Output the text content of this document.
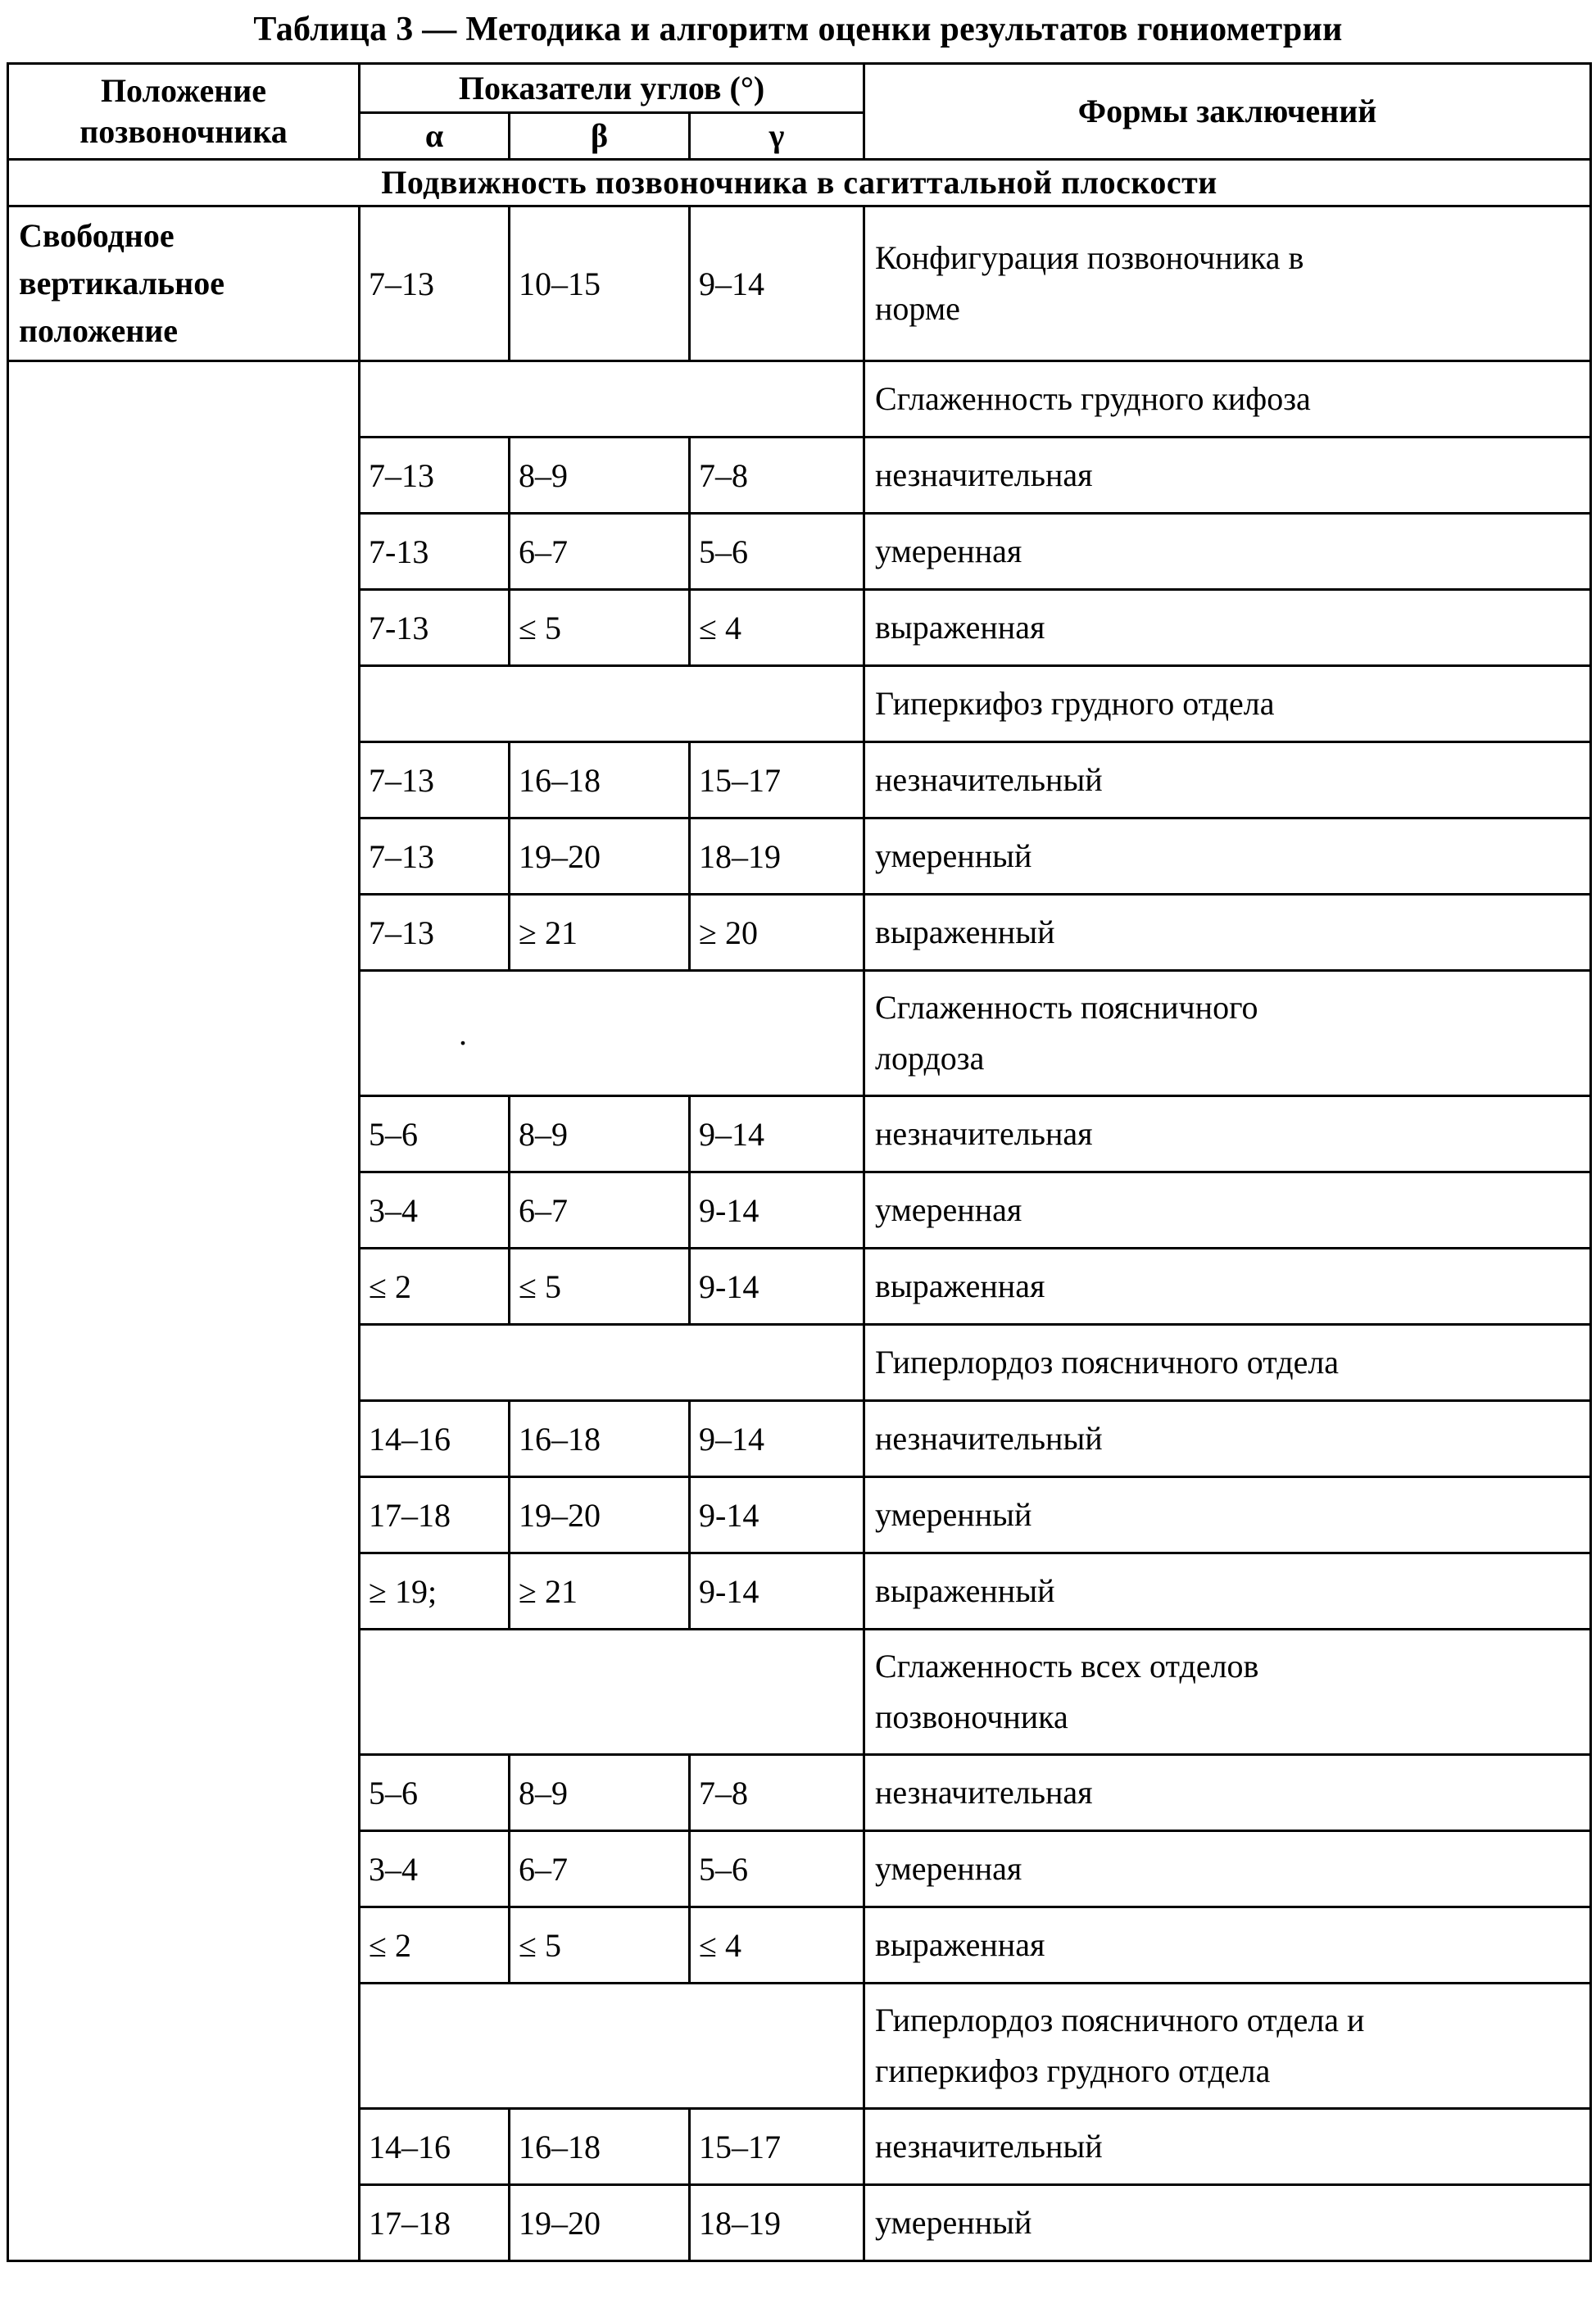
Таблица 3 — Методика и алгоритм оценки результатов гониометрии
Положение позвоночника	Показатели углов (°)			Формы заключений
	α	β	γ	
Подвижность позвоночника в сагиттальной плоскости				
Свободное
вертикальное
положение	7–13	10–15	9–14	Конфигурация позвоночника в
норме
				Сглаженность грудного кифоза
	7–13	8–9	7–8	незначительная
	7-13	6–7	5–6	умеренная
	7-13	≤ 5	≤ 4	выраженная
				Гиперкифоз грудного отдела
	7–13	16–18	15–17	незначительный
	7–13	19–20	18–19	умеренный
	7–13	≥ 21	≥ 20	выраженный
	.			Сглаженность поясничного
лордоза
	5–6	8–9	9–14	незначительная
	3–4	6–7	9-14	умеренная
	≤ 2	≤ 5	9-14	выраженная
				Гиперлордоз поясничного отдела
	14–16	16–18	9–14	незначительный
	17–18	19–20	9-14	умеренный
	≥ 19;	≥ 21	9-14	выраженный
				Сглаженность всех отделов
позвоночника
	5–6	8–9	7–8	незначительная
	3–4	6–7	5–6	умеренная
	≤ 2	≤ 5	≤ 4	выраженная
				Гиперлордоз поясничного отдела и
гиперкифоз грудного отдела
	14–16	16–18	15–17	незначительный
	17–18	19–20	18–19	умеренный
